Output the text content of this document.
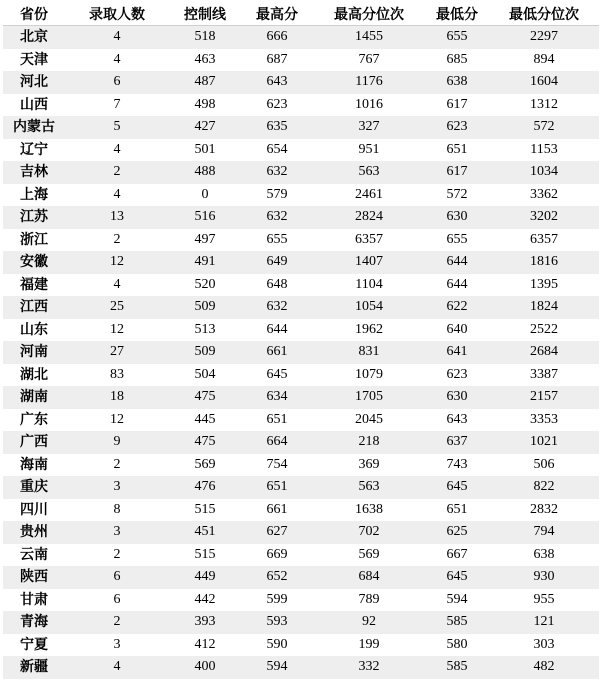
省份	录取人数	控制线	最高分	最高分位次	最低分	最低分位次
北京	4	518	666	1455	655	2297
天津	4	463	687	767	685	894
河北	6	487	643	1176	638	1604
山西	7	498	623	1016	617	1312
内蒙古	5	427	635	327	623	572
辽宁	4	501	654	951	651	1153
吉林	2	488	632	563	617	1034
上海	4	0	579	2461	572	3362
江苏	13	516	632	2824	630	3202
浙江	2	497	655	6357	655	6357
安徽	12	491	649	1407	644	1816
福建	4	520	648	1104	644	1395
江西	25	509	632	1054	622	1824
山东	12	513	644	1962	640	2522
河南	27	509	661	831	641	2684
湖北	83	504	645	1079	623	3387
湖南	18	475	634	1705	630	2157
广东	12	445	651	2045	643	3353
广西	9	475	664	218	637	1021
海南	2	569	754	369	743	506
重庆	3	476	651	563	645	822
四川	8	515	661	1638	651	2832
贵州	3	451	627	702	625	794
云南	2	515	669	569	667	638
陕西	6	449	652	684	645	930
甘肃	6	442	599	789	594	955
青海	2	393	593	92	585	121
宁夏	3	412	590	199	580	303
新疆	4	400	594	332	585	482
